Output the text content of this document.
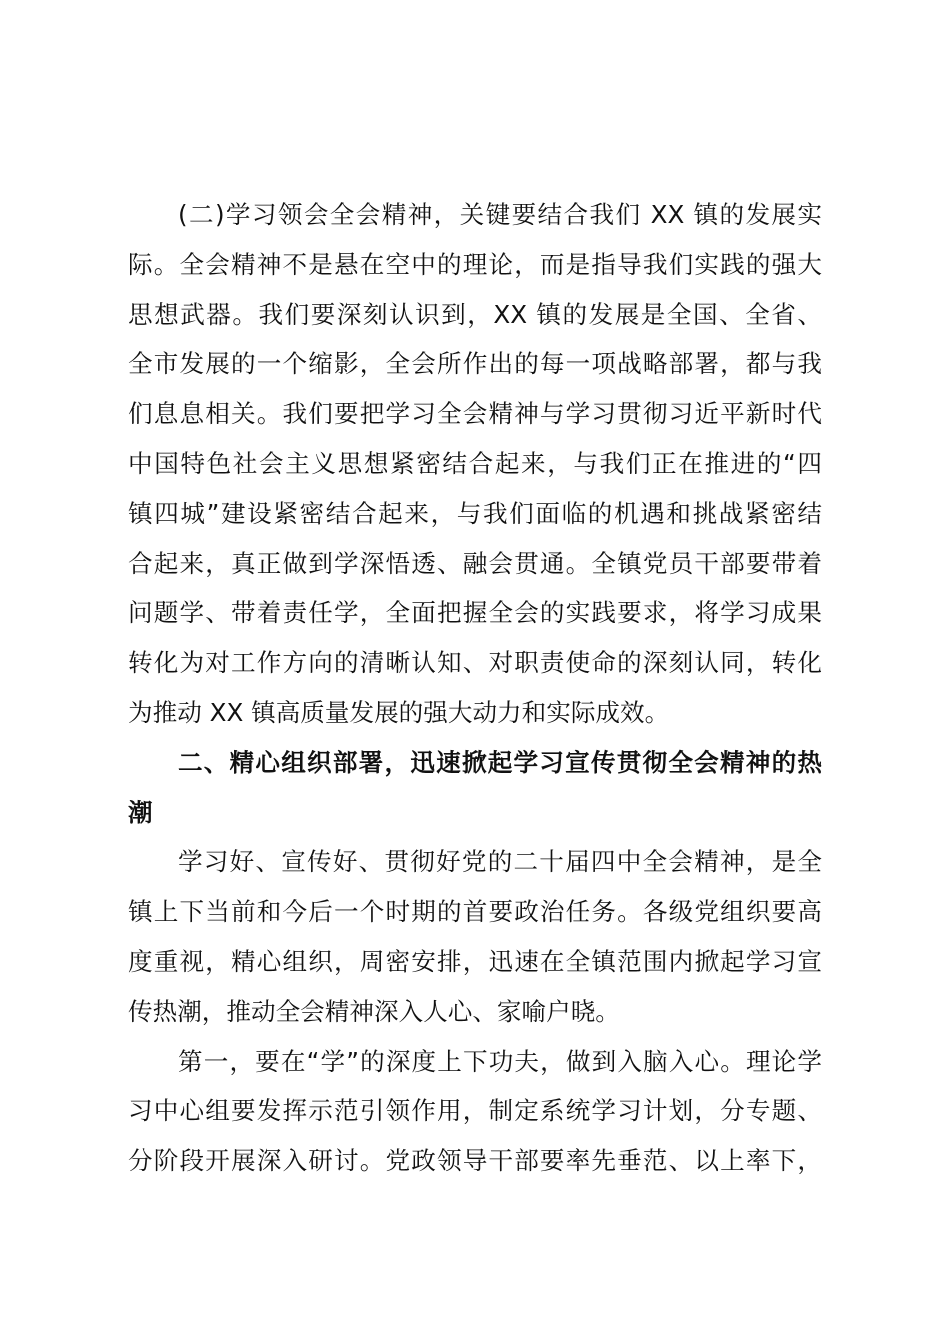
(二)学习领会全会精神，关键要结合我们 XX 镇的发展实
际。全会精神不是悬在空中的理论，而是指导我们实践的强大
思想武器。我们要深刻认识到，XX 镇的发展是全国、全省、
全市发展的一个缩影，全会所作出的每一项战略部署，都与我
们息息相关。我们要把学习全会精神与学习贯彻习近平新时代
中国特色社会主义思想紧密结合起来，与我们正在推进的“四
镇四城”建设紧密结合起来，与我们面临的机遇和挑战紧密结
合起来，真正做到学深悟透、融会贯通。全镇党员干部要带着
问题学、带着责任学，全面把握全会的实践要求，将学习成果
转化为对工作方向的清晰认知、对职责使命的深刻认同，转化
为推动 XX 镇高质量发展的强大动力和实际成效。
二、精心组织部署，迅速掀起学习宣传贯彻全会精神的热
潮
学习好、宣传好、贯彻好党的二十届四中全会精神，是全
镇上下当前和今后一个时期的首要政治任务。各级党组织要高
度重视，精心组织，周密安排，迅速在全镇范围内掀起学习宣
传热潮，推动全会精神深入人心、家喻户晓。
第一，要在“学”的深度上下功夫，做到入脑入心。理论学
习中心组要发挥示范引领作用，制定系统学习计划，分专题、
分阶段开展深入研讨。党政领导干部要率先垂范、以上率下，
